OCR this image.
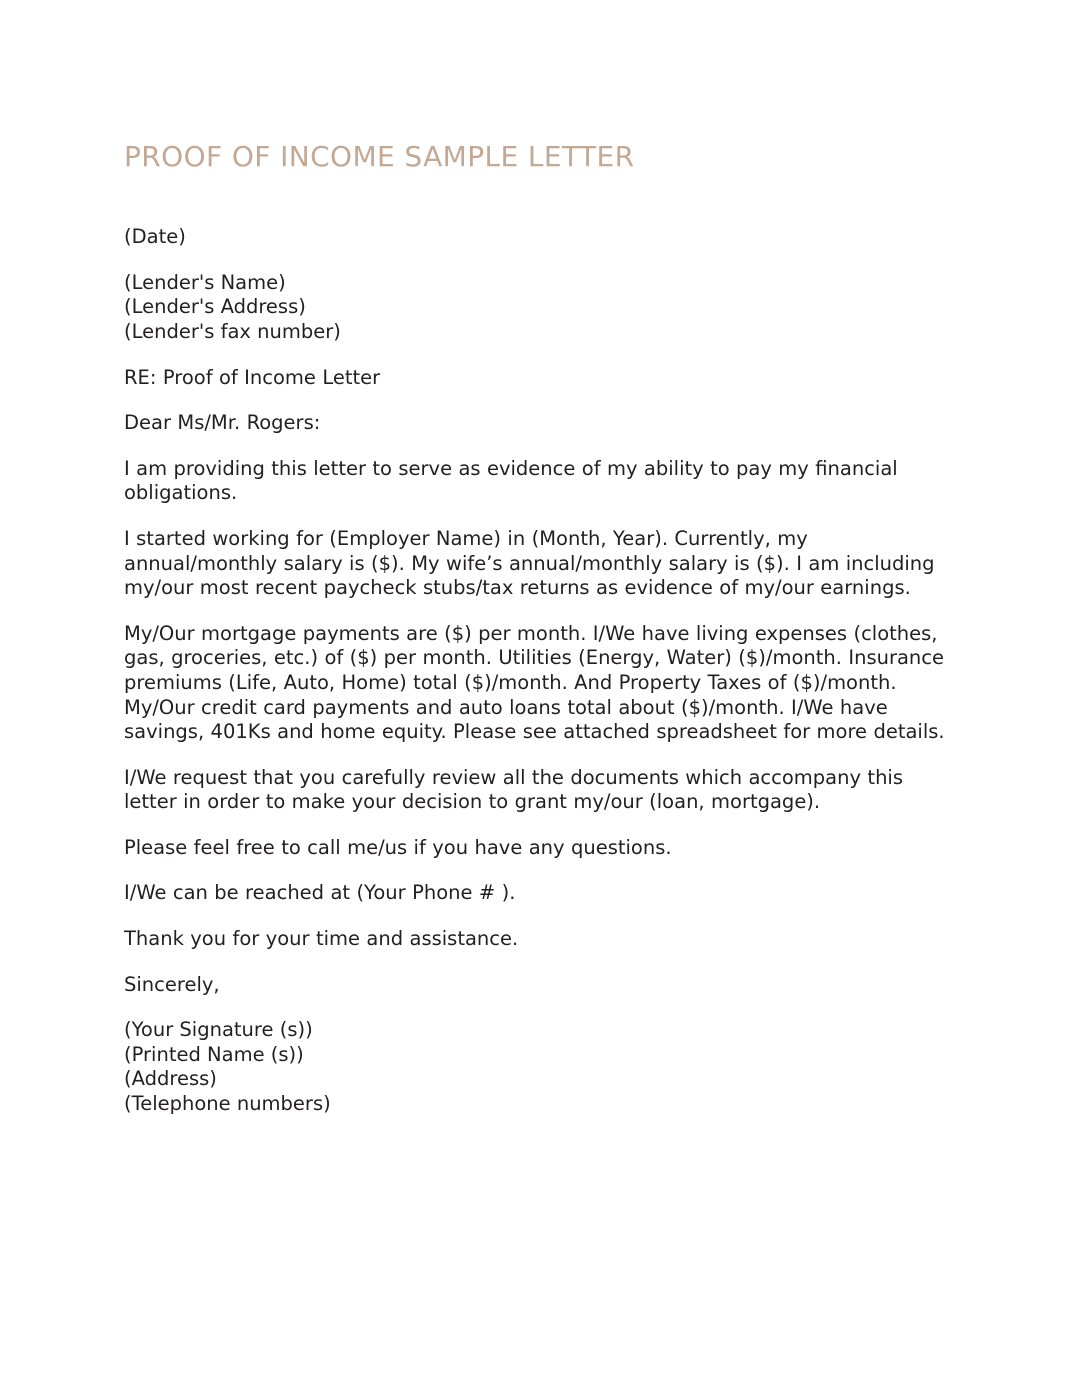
PROOF OF INCOME SAMPLE LETTER

(Date)

(Lender's Name)
(Lender's Address)
(Lender's fax number)

RE: Proof of Income Letter

Dear Ms/Mr. Rogers:

I am providing this letter to serve as evidence of my ability to pay my financial obligations.

I started working for (Employer Name) in (Month, Year). Currently, my annual/monthly salary is ($). My wife’s annual/monthly salary is ($). I am including my/our most recent paycheck stubs/tax returns as evidence of my/our earnings.

My/Our mortgage payments are ($) per month. I/We have living expenses (clothes, gas, groceries, etc.) of ($) per month. Utilities (Energy, Water) ($)/month. Insurance premiums (Life, Auto, Home) total ($)/month. And Property Taxes of ($)/month. My/Our credit card payments and auto loans total about ($)/month. I/We have savings, 401Ks and home equity. Please see attached spreadsheet for more details.

I/We request that you carefully review all the documents which accompany this letter in order to make your decision to grant my/our (loan, mortgage).

Please feel free to call me/us if you have any questions.

I/We can be reached at (Your Phone # ).

Thank you for your time and assistance.

Sincerely,

(Your Signature (s))
(Printed Name (s))
(Address)
(Telephone numbers)
